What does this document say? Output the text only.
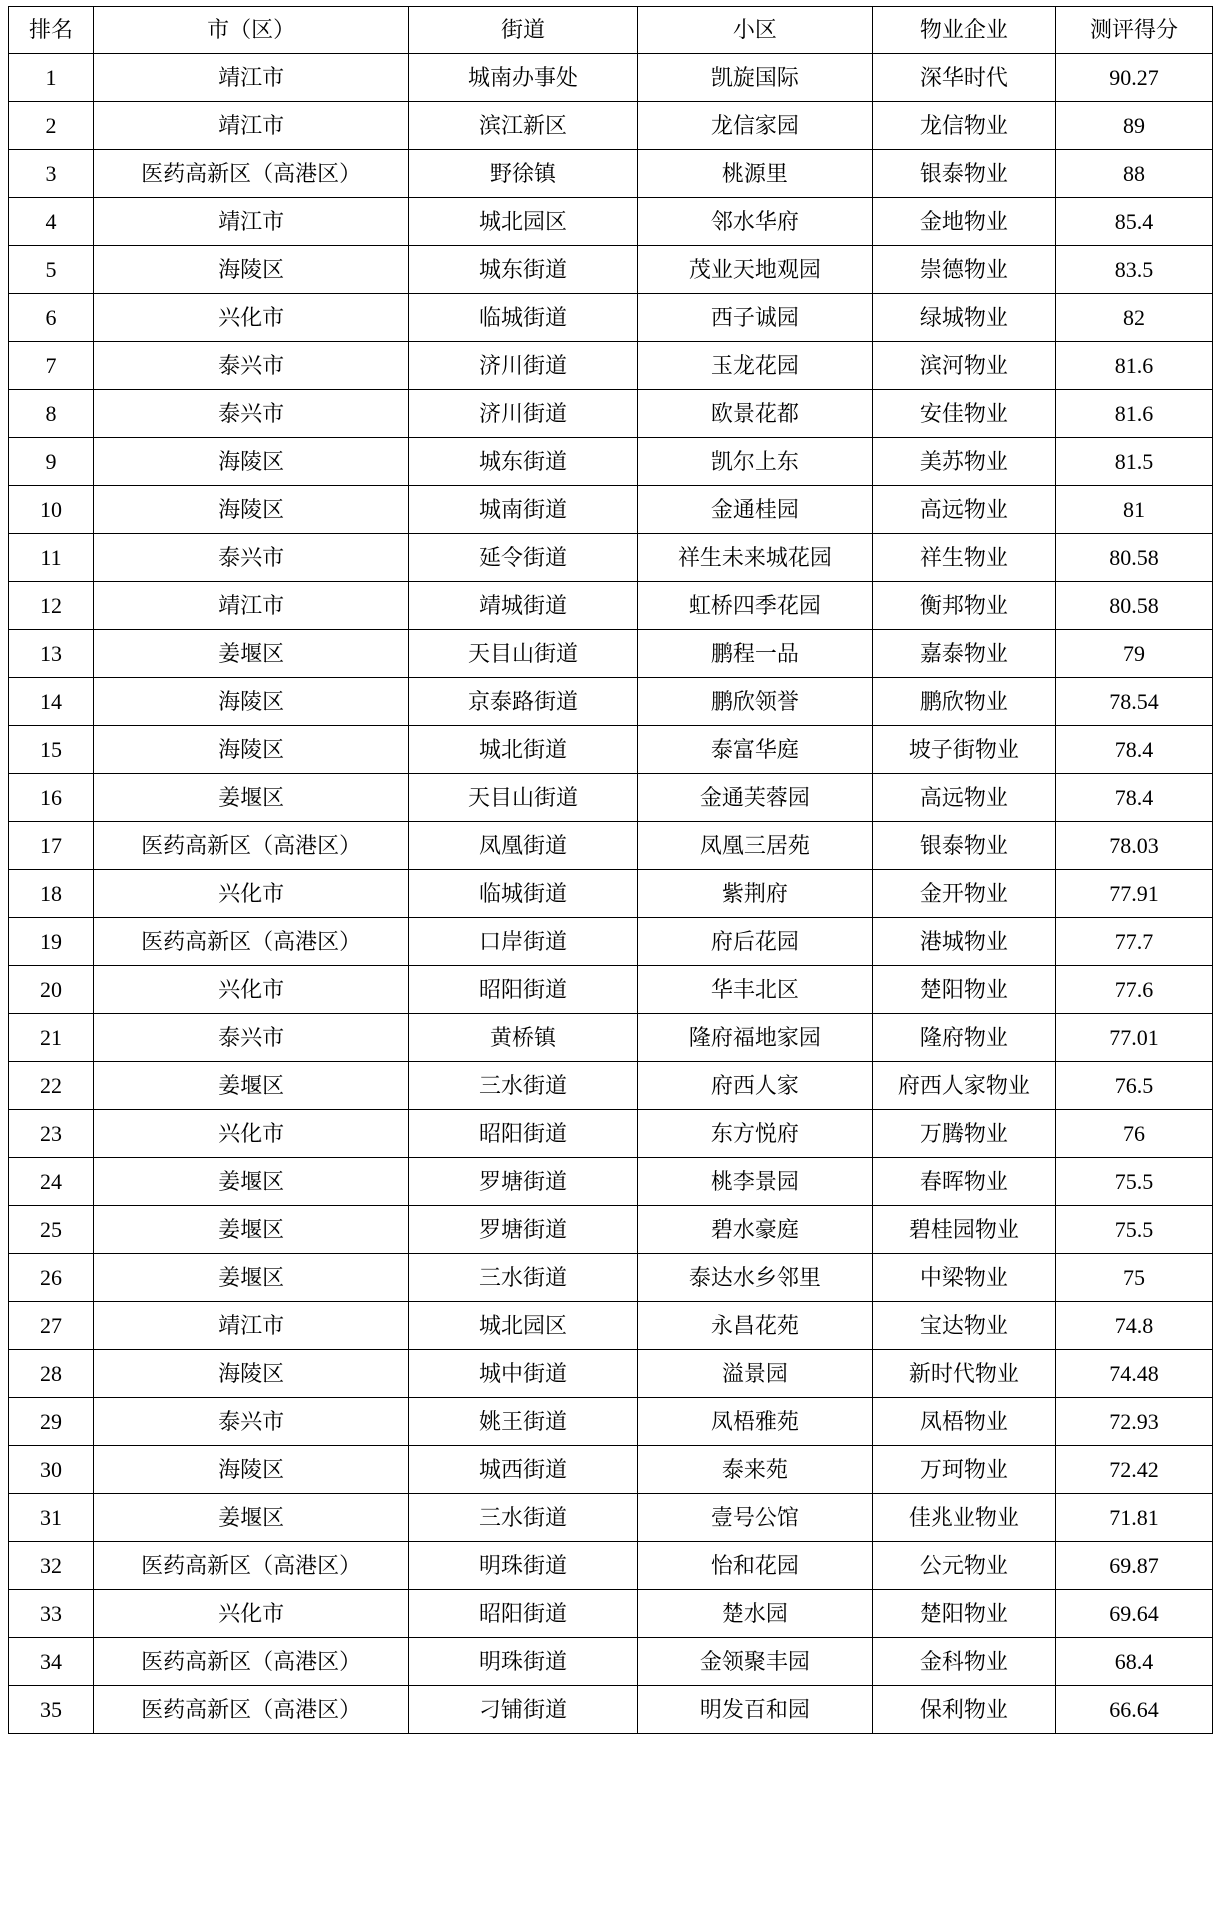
排名	市（区）	街道	小区	物业企业	测评得分
1	靖江市	城南办事处	凯旋国际	深华时代	90.27
2	靖江市	滨江新区	龙信家园	龙信物业	89
3	医药高新区（高港区）	野徐镇	桃源里	银泰物业	88
4	靖江市	城北园区	邻水华府	金地物业	85.4
5	海陵区	城东街道	茂业天地观园	崇德物业	83.5
6	兴化市	临城街道	西子诚园	绿城物业	82
7	泰兴市	济川街道	玉龙花园	滨河物业	81.6
8	泰兴市	济川街道	欧景花都	安佳物业	81.6
9	海陵区	城东街道	凯尔上东	美苏物业	81.5
10	海陵区	城南街道	金通桂园	高远物业	81
11	泰兴市	延令街道	祥生未来城花园	祥生物业	80.58
12	靖江市	靖城街道	虹桥四季花园	衡邦物业	80.58
13	姜堰区	天目山街道	鹏程一品	嘉泰物业	79
14	海陵区	京泰路街道	鹏欣领誉	鹏欣物业	78.54
15	海陵区	城北街道	泰富华庭	坡子街物业	78.4
16	姜堰区	天目山街道	金通芙蓉园	高远物业	78.4
17	医药高新区（高港区）	凤凰街道	凤凰三居苑	银泰物业	78.03
18	兴化市	临城街道	紫荆府	金开物业	77.91
19	医药高新区（高港区）	口岸街道	府后花园	港城物业	77.7
20	兴化市	昭阳街道	华丰北区	楚阳物业	77.6
21	泰兴市	黄桥镇	隆府福地家园	隆府物业	77.01
22	姜堰区	三水街道	府西人家	府西人家物业	76.5
23	兴化市	昭阳街道	东方悦府	万腾物业	76
24	姜堰区	罗塘街道	桃李景园	春晖物业	75.5
25	姜堰区	罗塘街道	碧水豪庭	碧桂园物业	75.5
26	姜堰区	三水街道	泰达水乡邻里	中梁物业	75
27	靖江市	城北园区	永昌花苑	宝达物业	74.8
28	海陵区	城中街道	溢景园	新时代物业	74.48
29	泰兴市	姚王街道	凤梧雅苑	凤梧物业	72.93
30	海陵区	城西街道	泰来苑	万珂物业	72.42
31	姜堰区	三水街道	壹号公馆	佳兆业物业	71.81
32	医药高新区（高港区）	明珠街道	怡和花园	公元物业	69.87
33	兴化市	昭阳街道	楚水园	楚阳物业	69.64
34	医药高新区（高港区）	明珠街道	金领聚丰园	金科物业	68.4
35	医药高新区（高港区）	刁铺街道	明发百和园	保利物业	66.64
